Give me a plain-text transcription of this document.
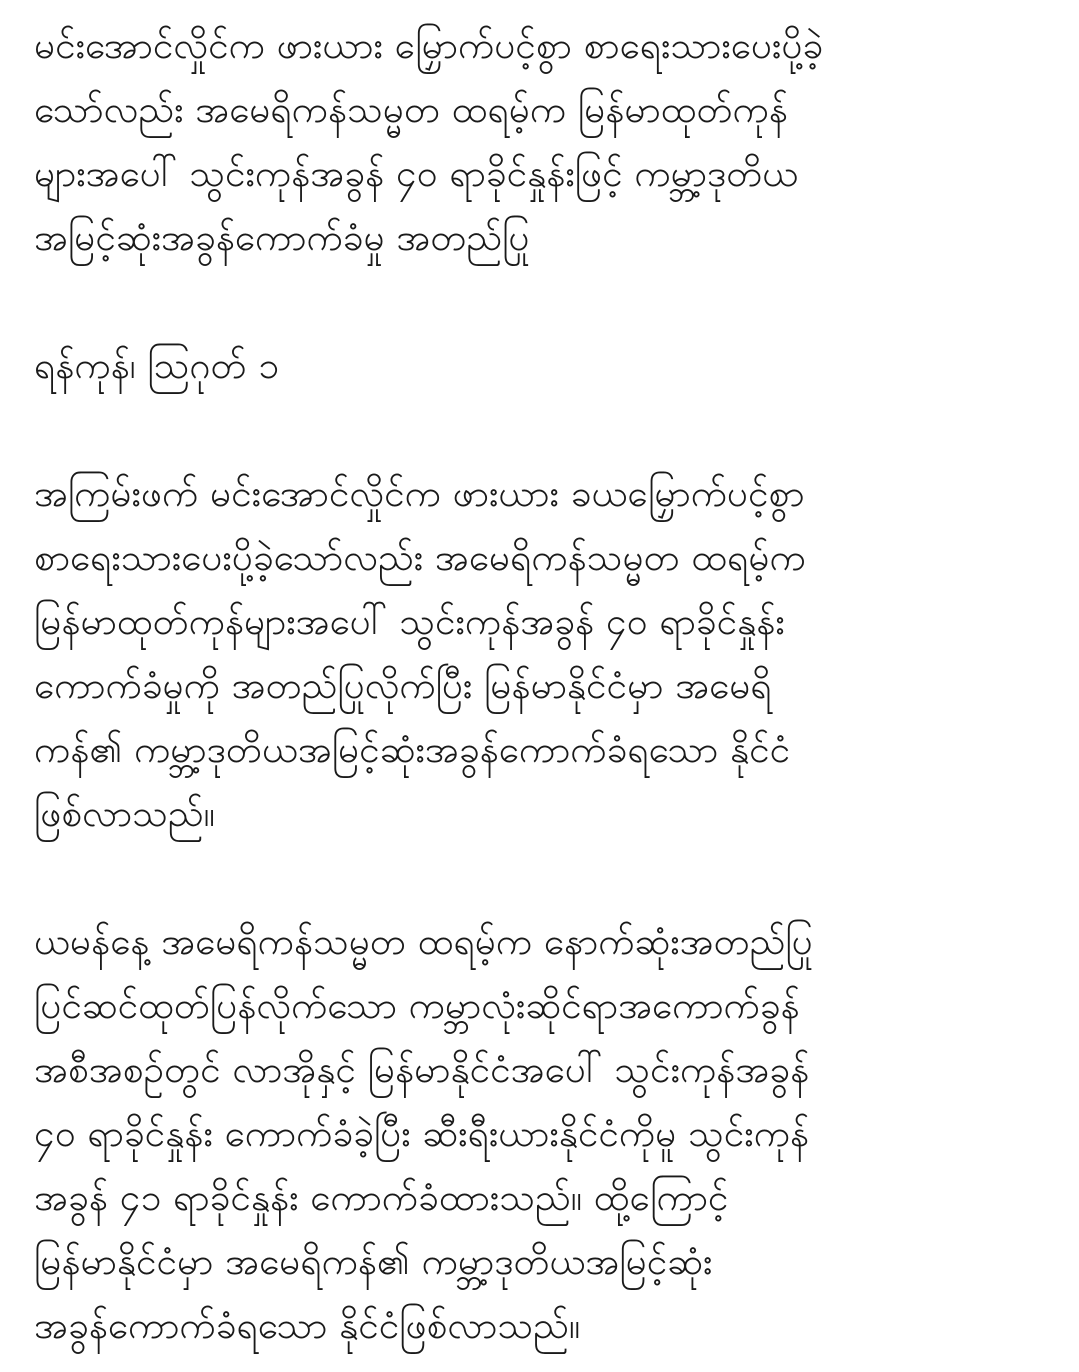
မင်းအောင်လှိုင်က ဖားယား မြှောက်ပင့်စွာ စာရေးသားပေးပို့ခဲ့
သော်လည်း အမေရိကန်သမ္မတ ထရမ့်က မြန်မာထုတ်ကုန်
များအပေါ် သွင်းကုန်အခွန် ၄၀ ရာခိုင်နှုန်းဖြင့် ကမ္ဘာ့ဒုတိယ
အမြင့်ဆုံးအခွန်ကောက်ခံမှု အတည်ပြု
ရန်ကုန်၊ ဩဂုတ် ၁
အကြမ်းဖက် မင်းအောင်လှိုင်က ဖားယား ခယမြှောက်ပင့်စွာ
စာရေးသားပေးပို့ခဲ့သော်လည်း အမေရိကန်သမ္မတ ထရမ့်က
မြန်မာထုတ်ကုန်များအပေါ် သွင်းကုန်အခွန် ၄၀ ရာခိုင်နှုန်း
ကောက်ခံမှုကို အတည်ပြုလိုက်ပြီး မြန်မာနိုင်ငံမှာ အမေရိ
ကန်၏ ကမ္ဘာ့ဒုတိယအမြင့်ဆုံးအခွန်ကောက်ခံရသော နိုင်ငံ
ဖြစ်လာသည်။
ယမန်နေ့ အမေရိကန်သမ္မတ ထရမ့်က နောက်ဆုံးအတည်ပြု
ပြင်ဆင်ထုတ်ပြန်လိုက်သော ကမ္ဘာလုံးဆိုင်ရာအကောက်ခွန်
အစီအစဉ်တွင် လာအိုနှင့် မြန်မာနိုင်ငံအပေါ် သွင်းကုန်အခွန်
၄၀ ရာခိုင်နှုန်း ကောက်ခံခဲ့ပြီး ဆီးရီးယားနိုင်ငံကိုမူ သွင်းကုန်
အခွန် ၄၁ ရာခိုင်နှုန်း ကောက်ခံထားသည်။ ထို့ကြောင့်
မြန်မာနိုင်ငံမှာ အမေရိကန်၏ ကမ္ဘာ့ဒုတိယအမြင့်ဆုံး
အခွန်ကောက်ခံရသော နိုင်ငံဖြစ်လာသည်။
